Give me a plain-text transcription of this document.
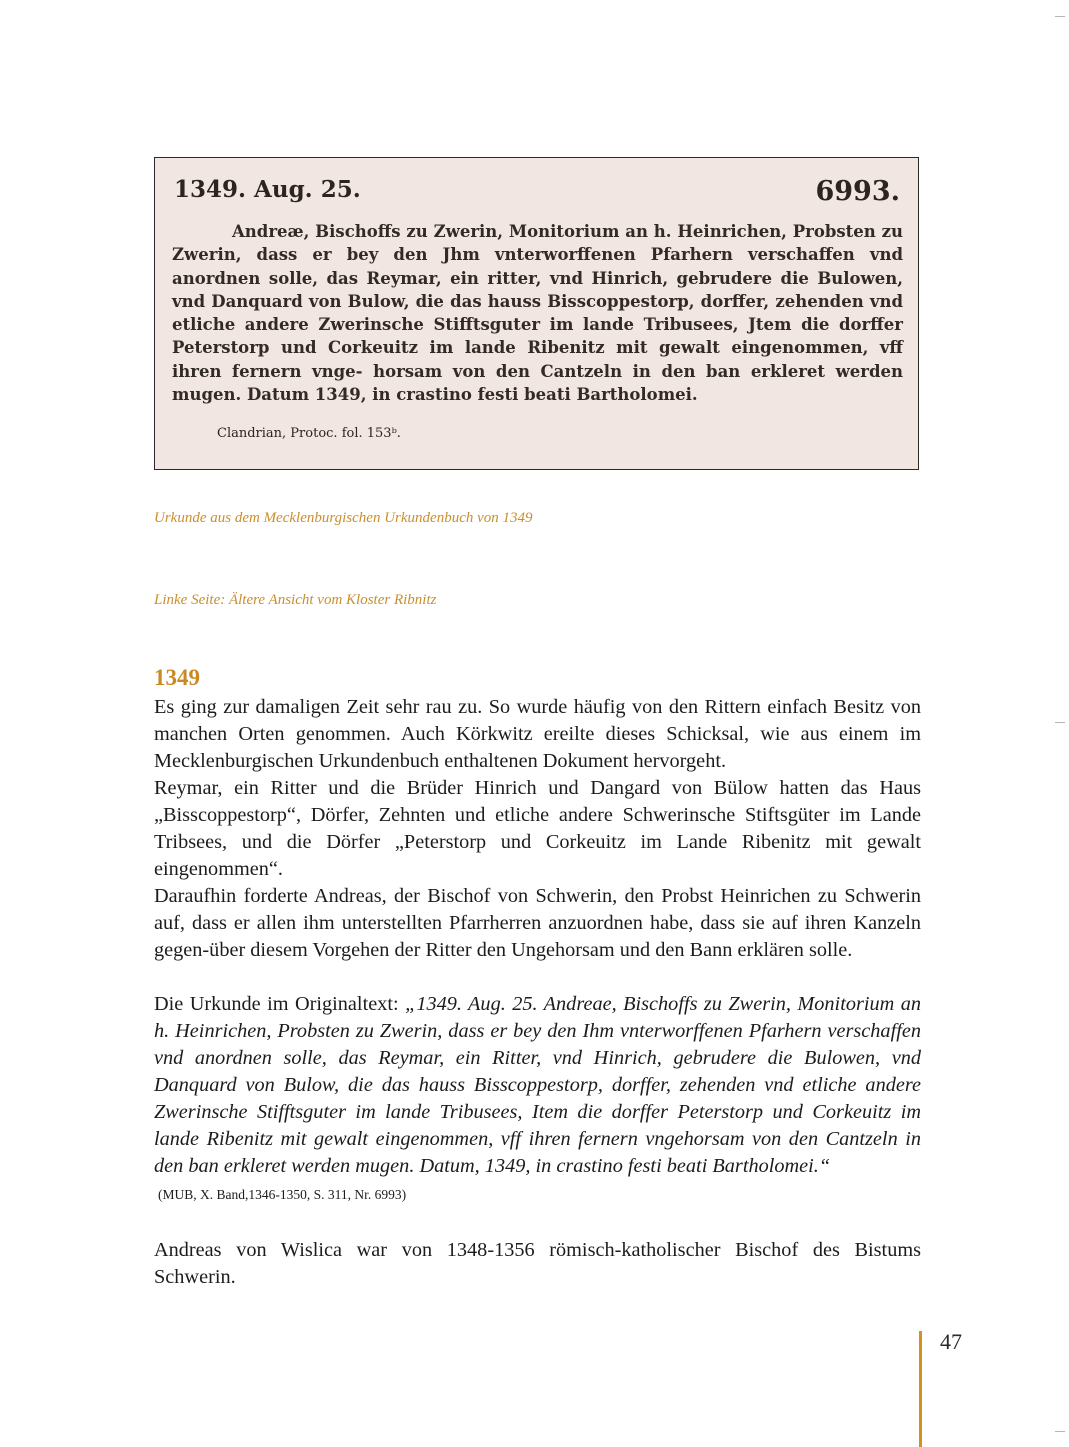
1349. Aug. 25.	6993.
Andreæ, Bischoffs zu Zwerin, Monitorium an h. Heinrichen, Probsten zu Zwerin, dass er bey den Jhm vnterworffenen Pfarhern verschaffen vnd anordnen solle, das Reymar, ein ritter, vnd Hinrich, gebrudere die Bulowen, vnd Danquard von Bulow, die das hauss Bisscoppestorp, dorffer, zehenden vnd etliche andere Zwerinsche Stifftsguter im lande Tribusees, Jtem die dorffer Peterstorp und Corkeuitz im lande Ribenitz mit gewalt eingenommen, vff ihren fernern vnge- horsam von den Cantzeln in den ban erkleret werden mugen. Datum 1349, in crastino festi beati Bartholomei.
Clandrian, Protoc. fol. 153ᵇ.
Urkunde aus dem Mecklenburgischen Urkundenbuch von 1349
Linke Seite: Ältere Ansicht vom Kloster Ribnitz
1349

Es ging zur damaligen Zeit sehr rau zu. So wurde häufig von den Rittern einfach Besitz von manchen Orten genommen. Auch Körkwitz ereilte dieses Schicksal, wie aus einem im Mecklenburgischen Urkundenbuch enthaltenen Dokument hervorgeht.

Reymar, ein Ritter und die Brüder Hinrich und Dangard von Bülow hatten das Haus „Bisscoppestorp“, Dörfer, Zehnten und etliche andere Schwerinsche Stiftsgüter im Lande Tribsees, und die Dörfer „Peterstorp und Corkeuitz im Lande Ribenitz mit gewalt eingenommen“.

Daraufhin forderte Andreas, der Bischof von Schwerin, den Probst Heinrichen zu Schwerin auf, dass er allen ihm unterstellten Pfarrherren anzuordnen habe, dass sie auf ihren Kanzeln gegen-über diesem Vorgehen der Ritter den Ungehorsam und den Bann erklären solle.

Die Urkunde im Originaltext: „1349. Aug. 25. Andreae, Bischoffs zu Zwerin, Monitorium an h. Heinrichen, Probsten zu Zwerin, dass er bey den Ihm vnterworffenen Pfarhern verschaffen vnd anordnen solle, das Reymar, ein Ritter, vnd Hinrich, gebrudere die Bulowen, vnd Danquard von Bulow, die das hauss Bisscoppestorp, dorffer, zehenden vnd etliche andere Zwerinsche Stifftsguter im lande Tribusees, Item die dorffer Peterstorp und Corkeuitz im lande Ribenitz mit gewalt eingenommen, vff ihren fernern vngehorsam von den Cantzeln in den ban erkleret werden mugen. Datum, 1349, in crastino festi beati Bartholomei.“

(MUB, X. Band,1346-1350, S. 311, Nr. 6993)

Andreas von Wislica war von 1348-1356 römisch-katholischer Bischof des Bistums Schwerin.

47
